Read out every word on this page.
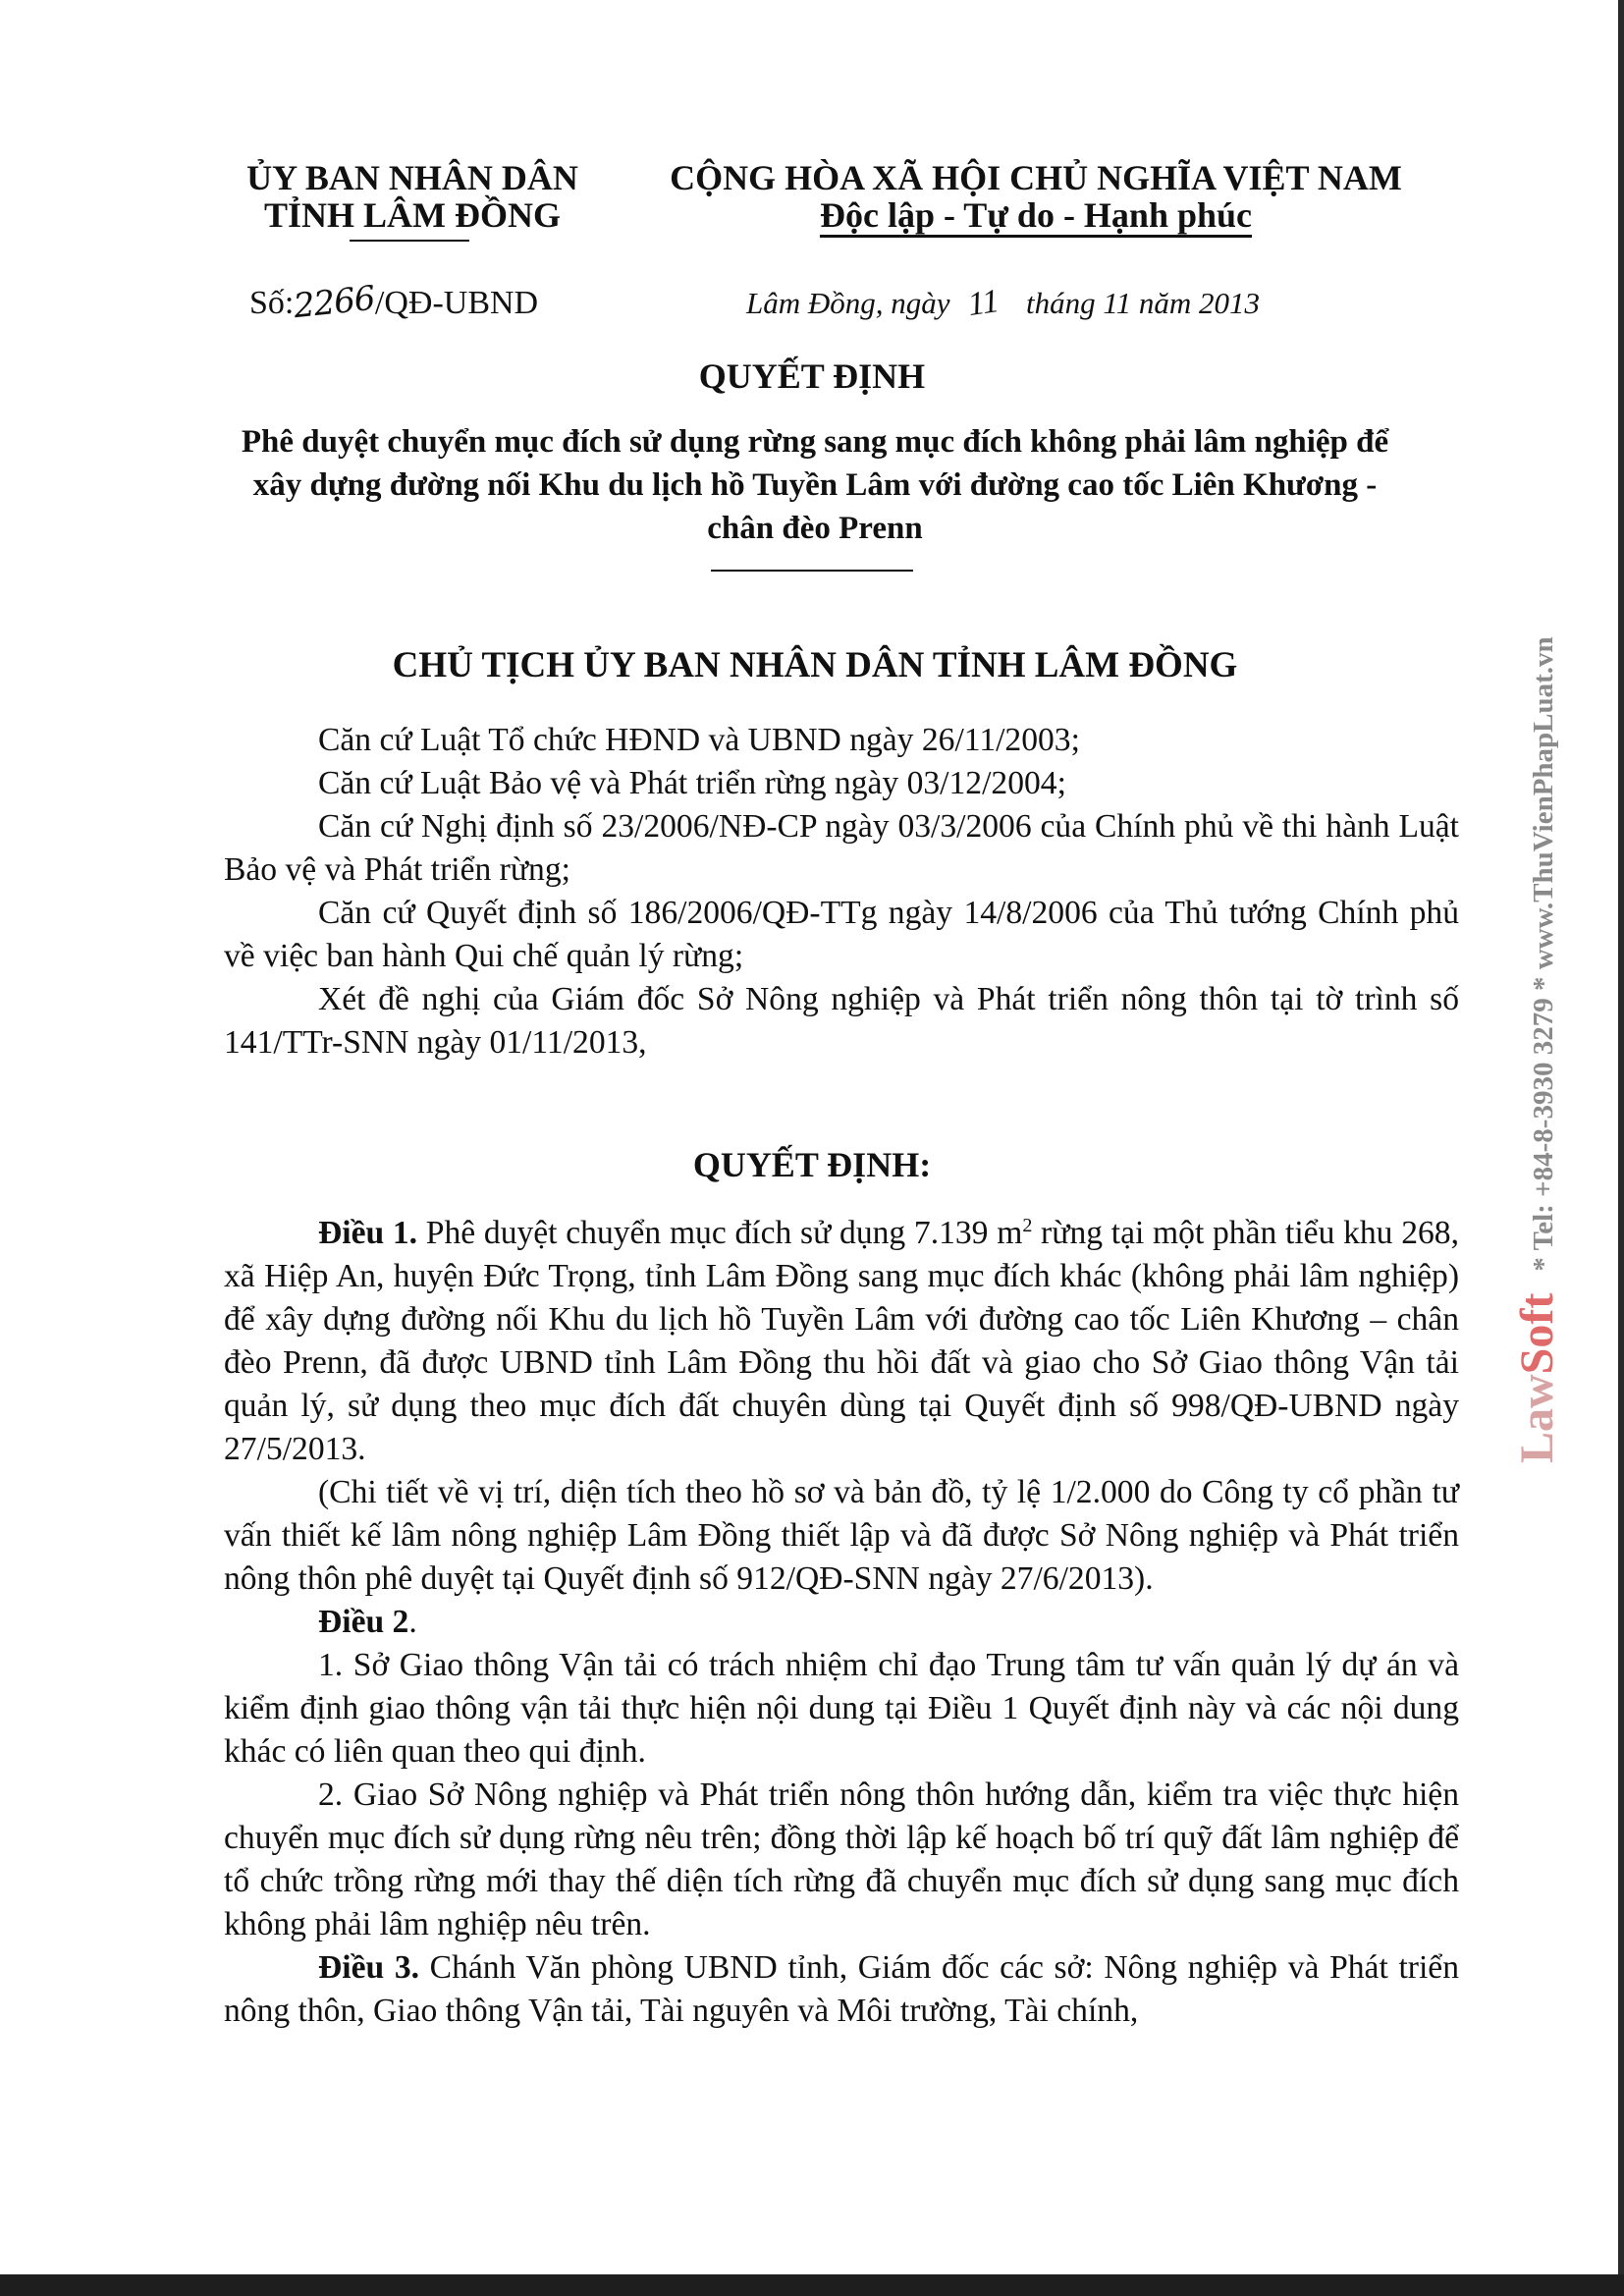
ỦY BAN NHÂN DÂN
TỈNH LÂM ĐỒNG
CỘNG HÒA XÃ HỘI CHỦ NGHĨA VIỆT NAM
Độc lập - Tự do - Hạnh phúc
Số:2266/QĐ-UBND	Lâm Đồng, ngày 11 tháng 11 năm 2013
QUYẾT ĐỊNH
Phê duyệt chuyển mục đích sử dụng rừng sang mục đích không phải lâm nghiệp để xây dựng đường nối Khu du lịch hồ Tuyền Lâm với đường cao tốc Liên Khương - chân đèo Prenn
CHỦ TỊCH ỦY BAN NHÂN DÂN TỈNH LÂM ĐỒNG

Căn cứ Luật Tổ chức HĐND và UBND ngày 26/11/2003;

Căn cứ Luật Bảo vệ và Phát triển rừng ngày 03/12/2004;

Căn cứ Nghị định số 23/2006/NĐ-CP ngày 03/3/2006 của Chính phủ về thi hành Luật Bảo vệ và Phát triển rừng;

Căn cứ Quyết định số 186/2006/QĐ-TTg ngày 14/8/2006 của Thủ tướng Chính phủ về việc ban hành Qui chế quản lý rừng;

Xét đề nghị của Giám đốc Sở Nông nghiệp và Phát triển nông thôn tại tờ trình số 141/TTr-SNN ngày 01/11/2013,

QUYẾT ĐỊNH:

Điều 1. Phê duyệt chuyển mục đích sử dụng 7.139 $m^2$ rừng tại một phần tiểu khu 268, xã Hiệp An, huyện Đức Trọng, tỉnh Lâm Đồng sang mục đích khác (không phải lâm nghiệp) để xây dựng đường nối Khu du lịch hồ Tuyền Lâm với đường cao tốc Liên Khương – chân đèo Prenn, đã được UBND tỉnh Lâm Đồng thu hồi đất và giao cho Sở Giao thông Vận tải quản lý, sử dụng theo mục đích đất chuyên dùng tại Quyết định số 998/QĐ-UBND ngày 27/5/2013.

(Chi tiết về vị trí, diện tích theo hồ sơ và bản đồ, tỷ lệ 1/2.000 do Công ty cổ phần tư vấn thiết kế lâm nông nghiệp Lâm Đồng thiết lập và đã được Sở Nông nghiệp và Phát triển nông thôn phê duyệt tại Quyết định số 912/QĐ-SNN ngày 27/6/2013).

Điều 2.

1. Sở Giao thông Vận tải có trách nhiệm chỉ đạo Trung tâm tư vấn quản lý dự án và kiểm định giao thông vận tải thực hiện nội dung tại Điều 1 Quyết định này và các nội dung khác có liên quan theo qui định.

2. Giao Sở Nông nghiệp và Phát triển nông thôn hướng dẫn, kiểm tra việc thực hiện chuyển mục đích sử dụng rừng nêu trên; đồng thời lập kế hoạch bố trí quỹ đất lâm nghiệp để tổ chức trồng rừng mới thay thế diện tích rừng đã chuyển mục đích sử dụng sang mục đích không phải lâm nghiệp nêu trên.

Điều 3. Chánh Văn phòng UBND tỉnh, Giám đốc các sở: Nông nghiệp và Phát triển nông thôn, Giao thông Vận tải, Tài nguyên và Môi trường, Tài chính,

LawSoft* Tel: +84-8-3930 3279 * www.ThuVienPhapLuat.vn
